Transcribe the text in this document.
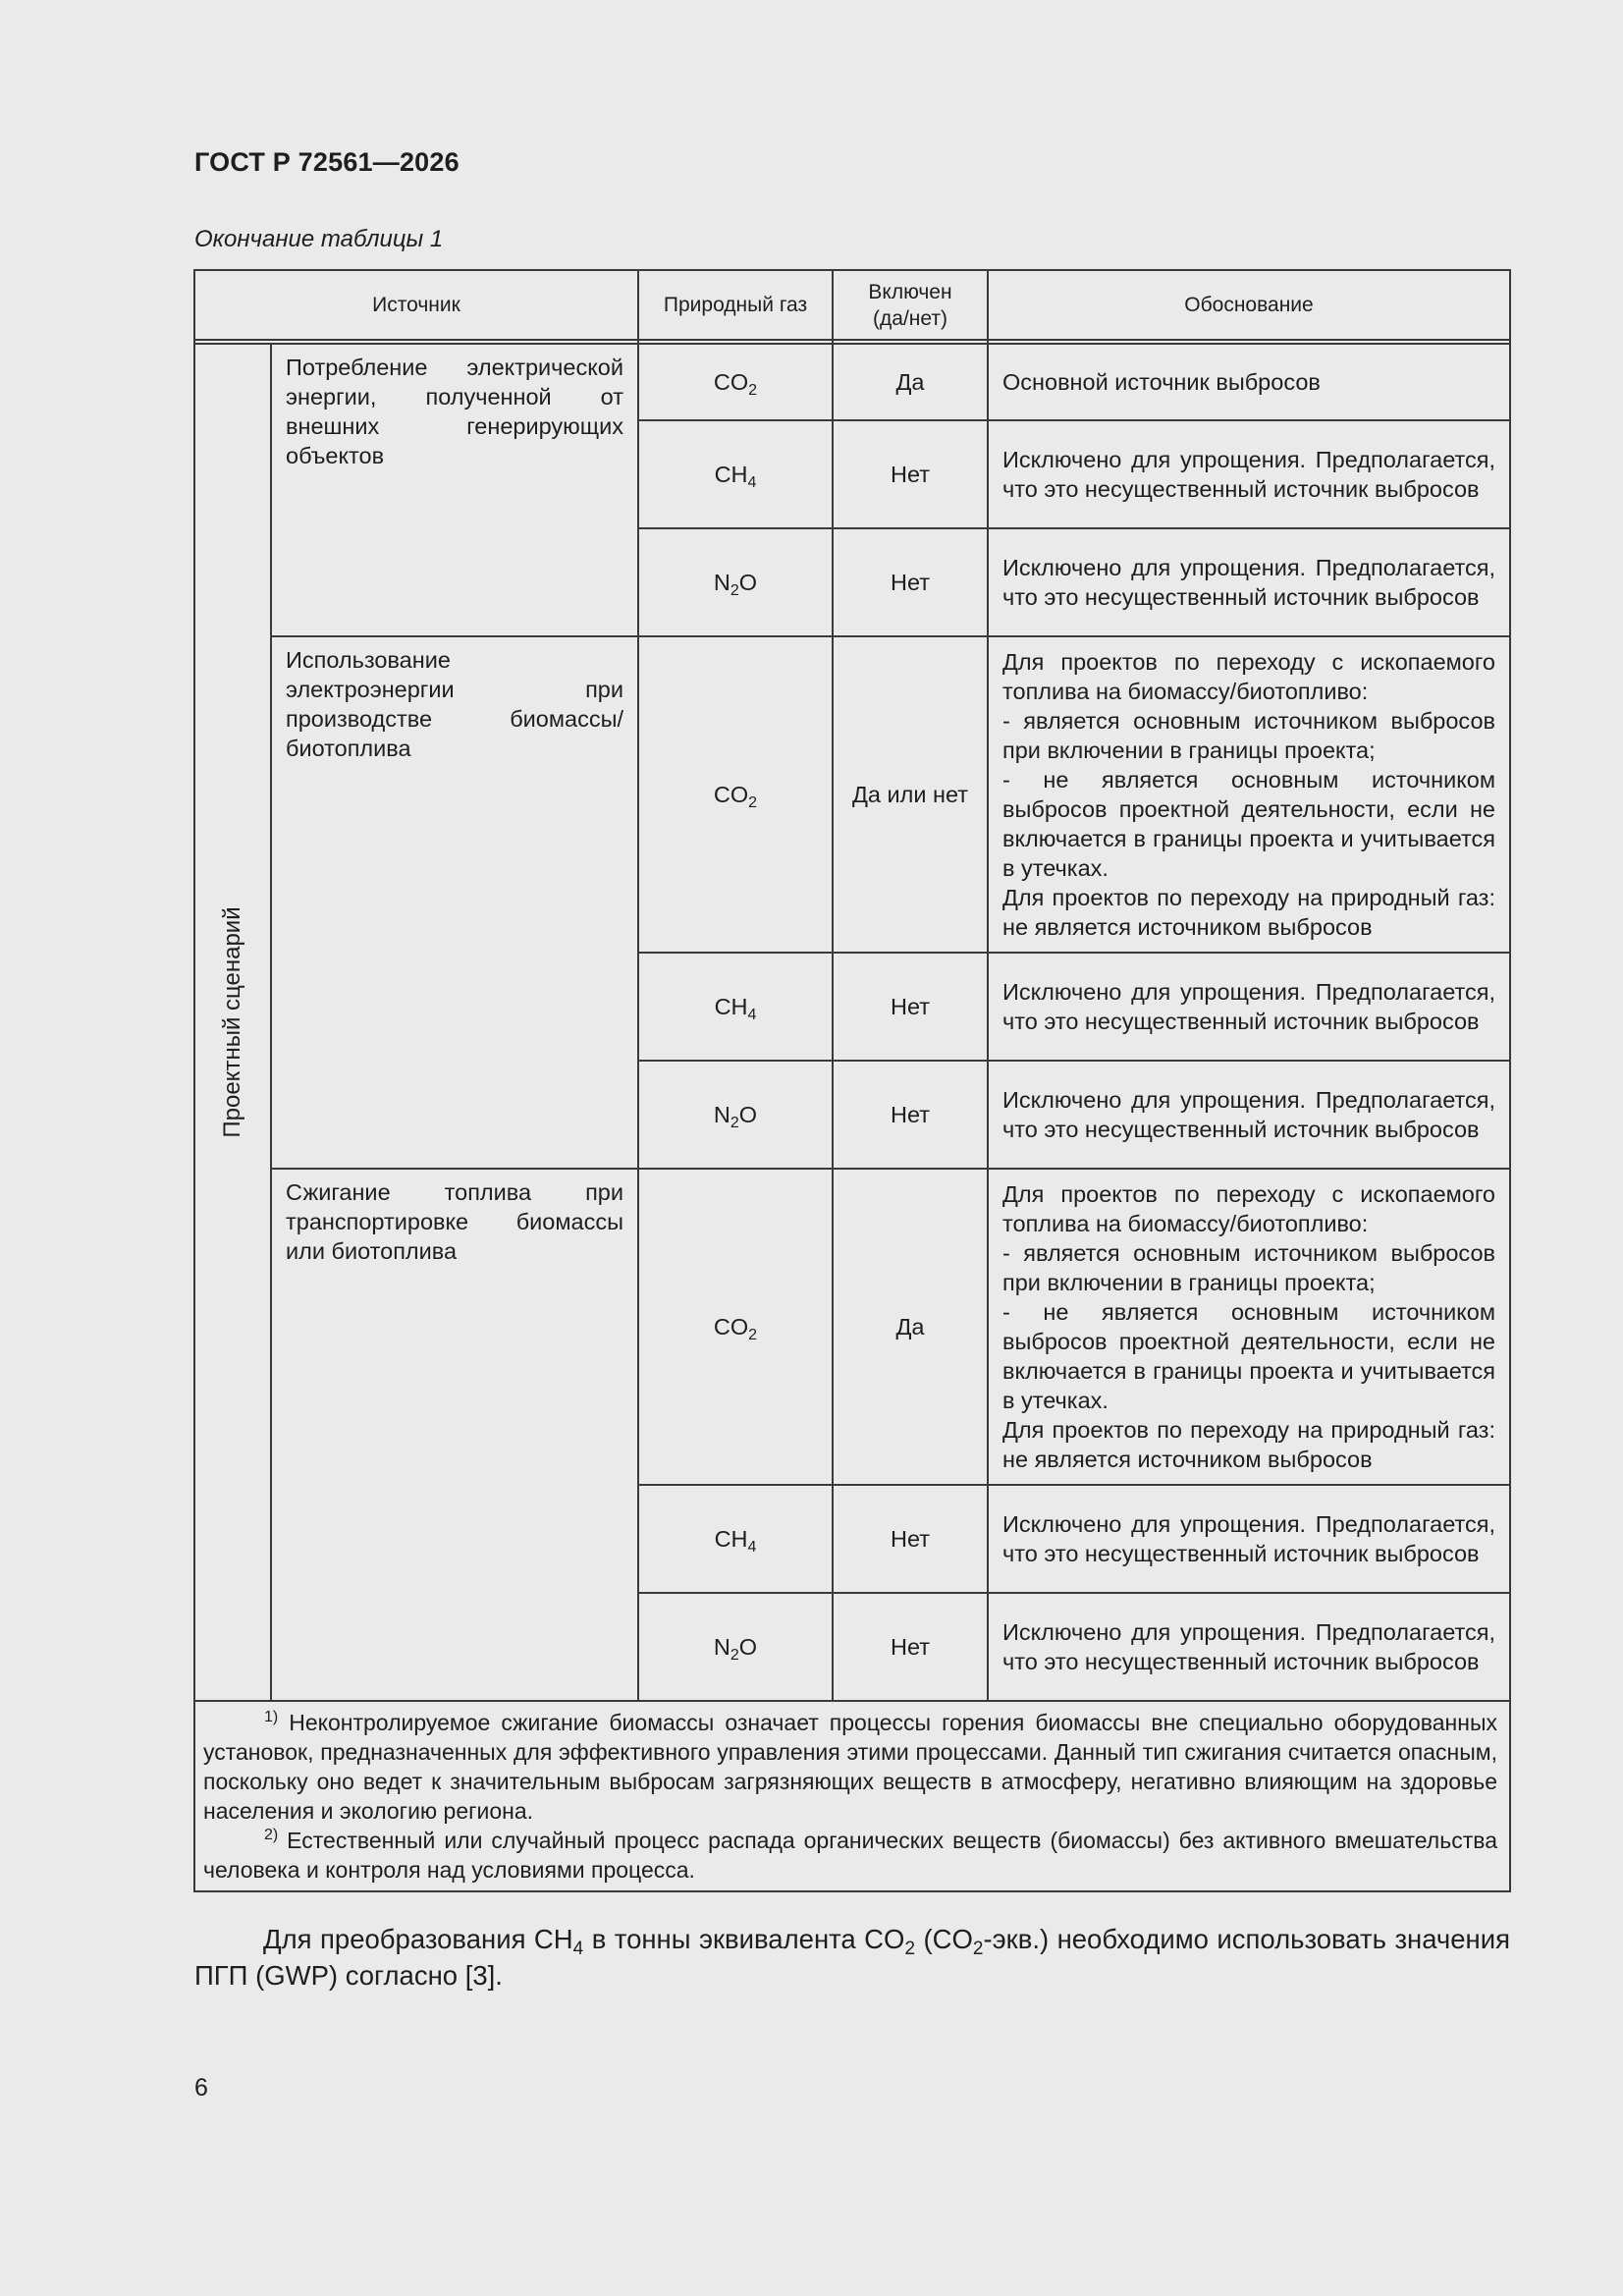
ГОСТ Р 72561—2026
Окончание таблицы 1
Источник		Природный газ	Включен (да/нет)	Обоснование

Проектный сценарий	Потребление электрической энергии, полученной от внешних генерирующих объектов	$CO_2$	Да	Основной источник выбросов
		$CH_4$	Нет	Исключено для упрощения. Предполагается, что это несущественный источник выбросов
		$N_2O$	Нет	Исключено для упрощения. Предполагается, что это несущественный источник выбросов
	Использование электроэнергии при производстве биомассы/ биотоплива	$CO_2$	Да или нет	Для проектов по переходу с ископаемого топлива на биомассу/биотопливо:
- является основным источником выбросов при включении в границы проекта;
- не является основным источником выбросов проектной деятельности, если не включается в границы проекта и учитывается в утечках.
Для проектов по переходу на природный газ: не является источником выбросов
		$CH_4$	Нет	Исключено для упрощения. Предполагается, что это несущественный источник выбросов
		$N_2O$	Нет	Исключено для упрощения. Предполагается, что это несущественный источник выбросов
	Сжигание топлива при транспортировке биомассы или биотоплива	$CO_2$	Да	Для проектов по переходу с ископаемого топлива на биомассу/биотопливо:
- является основным источником выбросов при включении в границы проекта;
- не является основным источником выбросов проектной деятельности, если не включается в границы проекта и учитывается в утечках.
Для проектов по переходу на природный газ: не является источником выбросов
		$CH_4$	Нет	Исключено для упрощения. Предполагается, что это несущественный источник выбросов
		$N_2O$	Нет	Исключено для упрощения. Предполагается, что это несущественный источник выбросов

$^{1)}$ Неконтролируемое сжигание биомассы означает процессы горения биомассы вне специально оборудованных установок, предназначенных для эффективного управления этими процессами. Данный тип сжигания считается опасным, поскольку оно ведет к значительным выбросам загрязняющих веществ в атмосферу, негативно влияющим на здоровье населения и экологию региона.
$^{2)}$ Естественный или случайный процесс распада органических веществ (биомассы) без активного вмешательства человека и контроля над условиями процесса.				
Для преобразования $CH_4$ в тонны эквивалента $CO_2$ $(CO_2-экв.)$ необходимо использовать значения ПГП (GWP) согласно [3].
6
